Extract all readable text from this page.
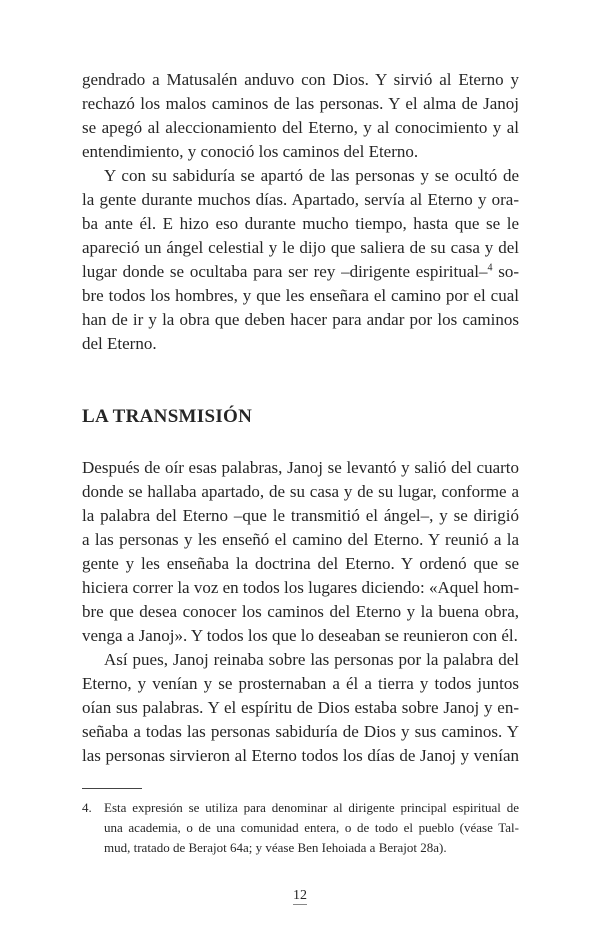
gendrado a Matusalén anduvo con Dios. Y sirvió al Eterno y
rechazó los malos caminos de las personas. Y el alma de Janoj
se apegó al aleccionamiento del Eterno, y al conocimiento y al
entendimiento, y conoció los caminos del Eterno.

Y con su sabiduría se apartó de las personas y se ocultó de
la gente durante muchos días. Apartado, servía al Eterno y ora-
ba ante él. E hizo eso durante mucho tiempo, hasta que se le
apareció un ángel celestial y le dijo que saliera de su casa y del
lugar donde se ocultaba para ser rey –dirigente espiritual–$^4$ so-
bre todos los hombres, y que les enseñara el camino por el cual
han de ir y la obra que deben hacer para andar por los caminos
del Eterno.

LA TRANSMISIÓN

Después de oír esas palabras, Janoj se levantó y salió del cuarto
donde se hallaba apartado, de su casa y de su lugar, conforme a
la palabra del Eterno –que le transmitió el ángel–, y se dirigió
a las personas y les enseñó el camino del Eterno. Y reunió a la
gente y les enseñaba la doctrina del Eterno. Y ordenó que se
hiciera correr la voz en todos los lugares diciendo: «Aquel hom-
bre que desea conocer los caminos del Eterno y la buena obra,
venga a Janoj». Y todos los que lo deseaban se reunieron con él.

Así pues, Janoj reinaba sobre las personas por la palabra del
Eterno, y venían y se prosternaban a él a tierra y todos juntos
oían sus palabras. Y el espíritu de Dios estaba sobre Janoj y en-
señaba a todas las personas sabiduría de Dios y sus caminos. Y
las personas sirvieron al Eterno todos los días de Janoj y venían

4. Esta expresión se utiliza para denominar al dirigente principal espiritual de
una academia, o de una comunidad entera, o de todo el pueblo (véase Tal-
mud, tratado de Berajot 64a; y véase Ben Iehoiada a Berajot 28a).
12
